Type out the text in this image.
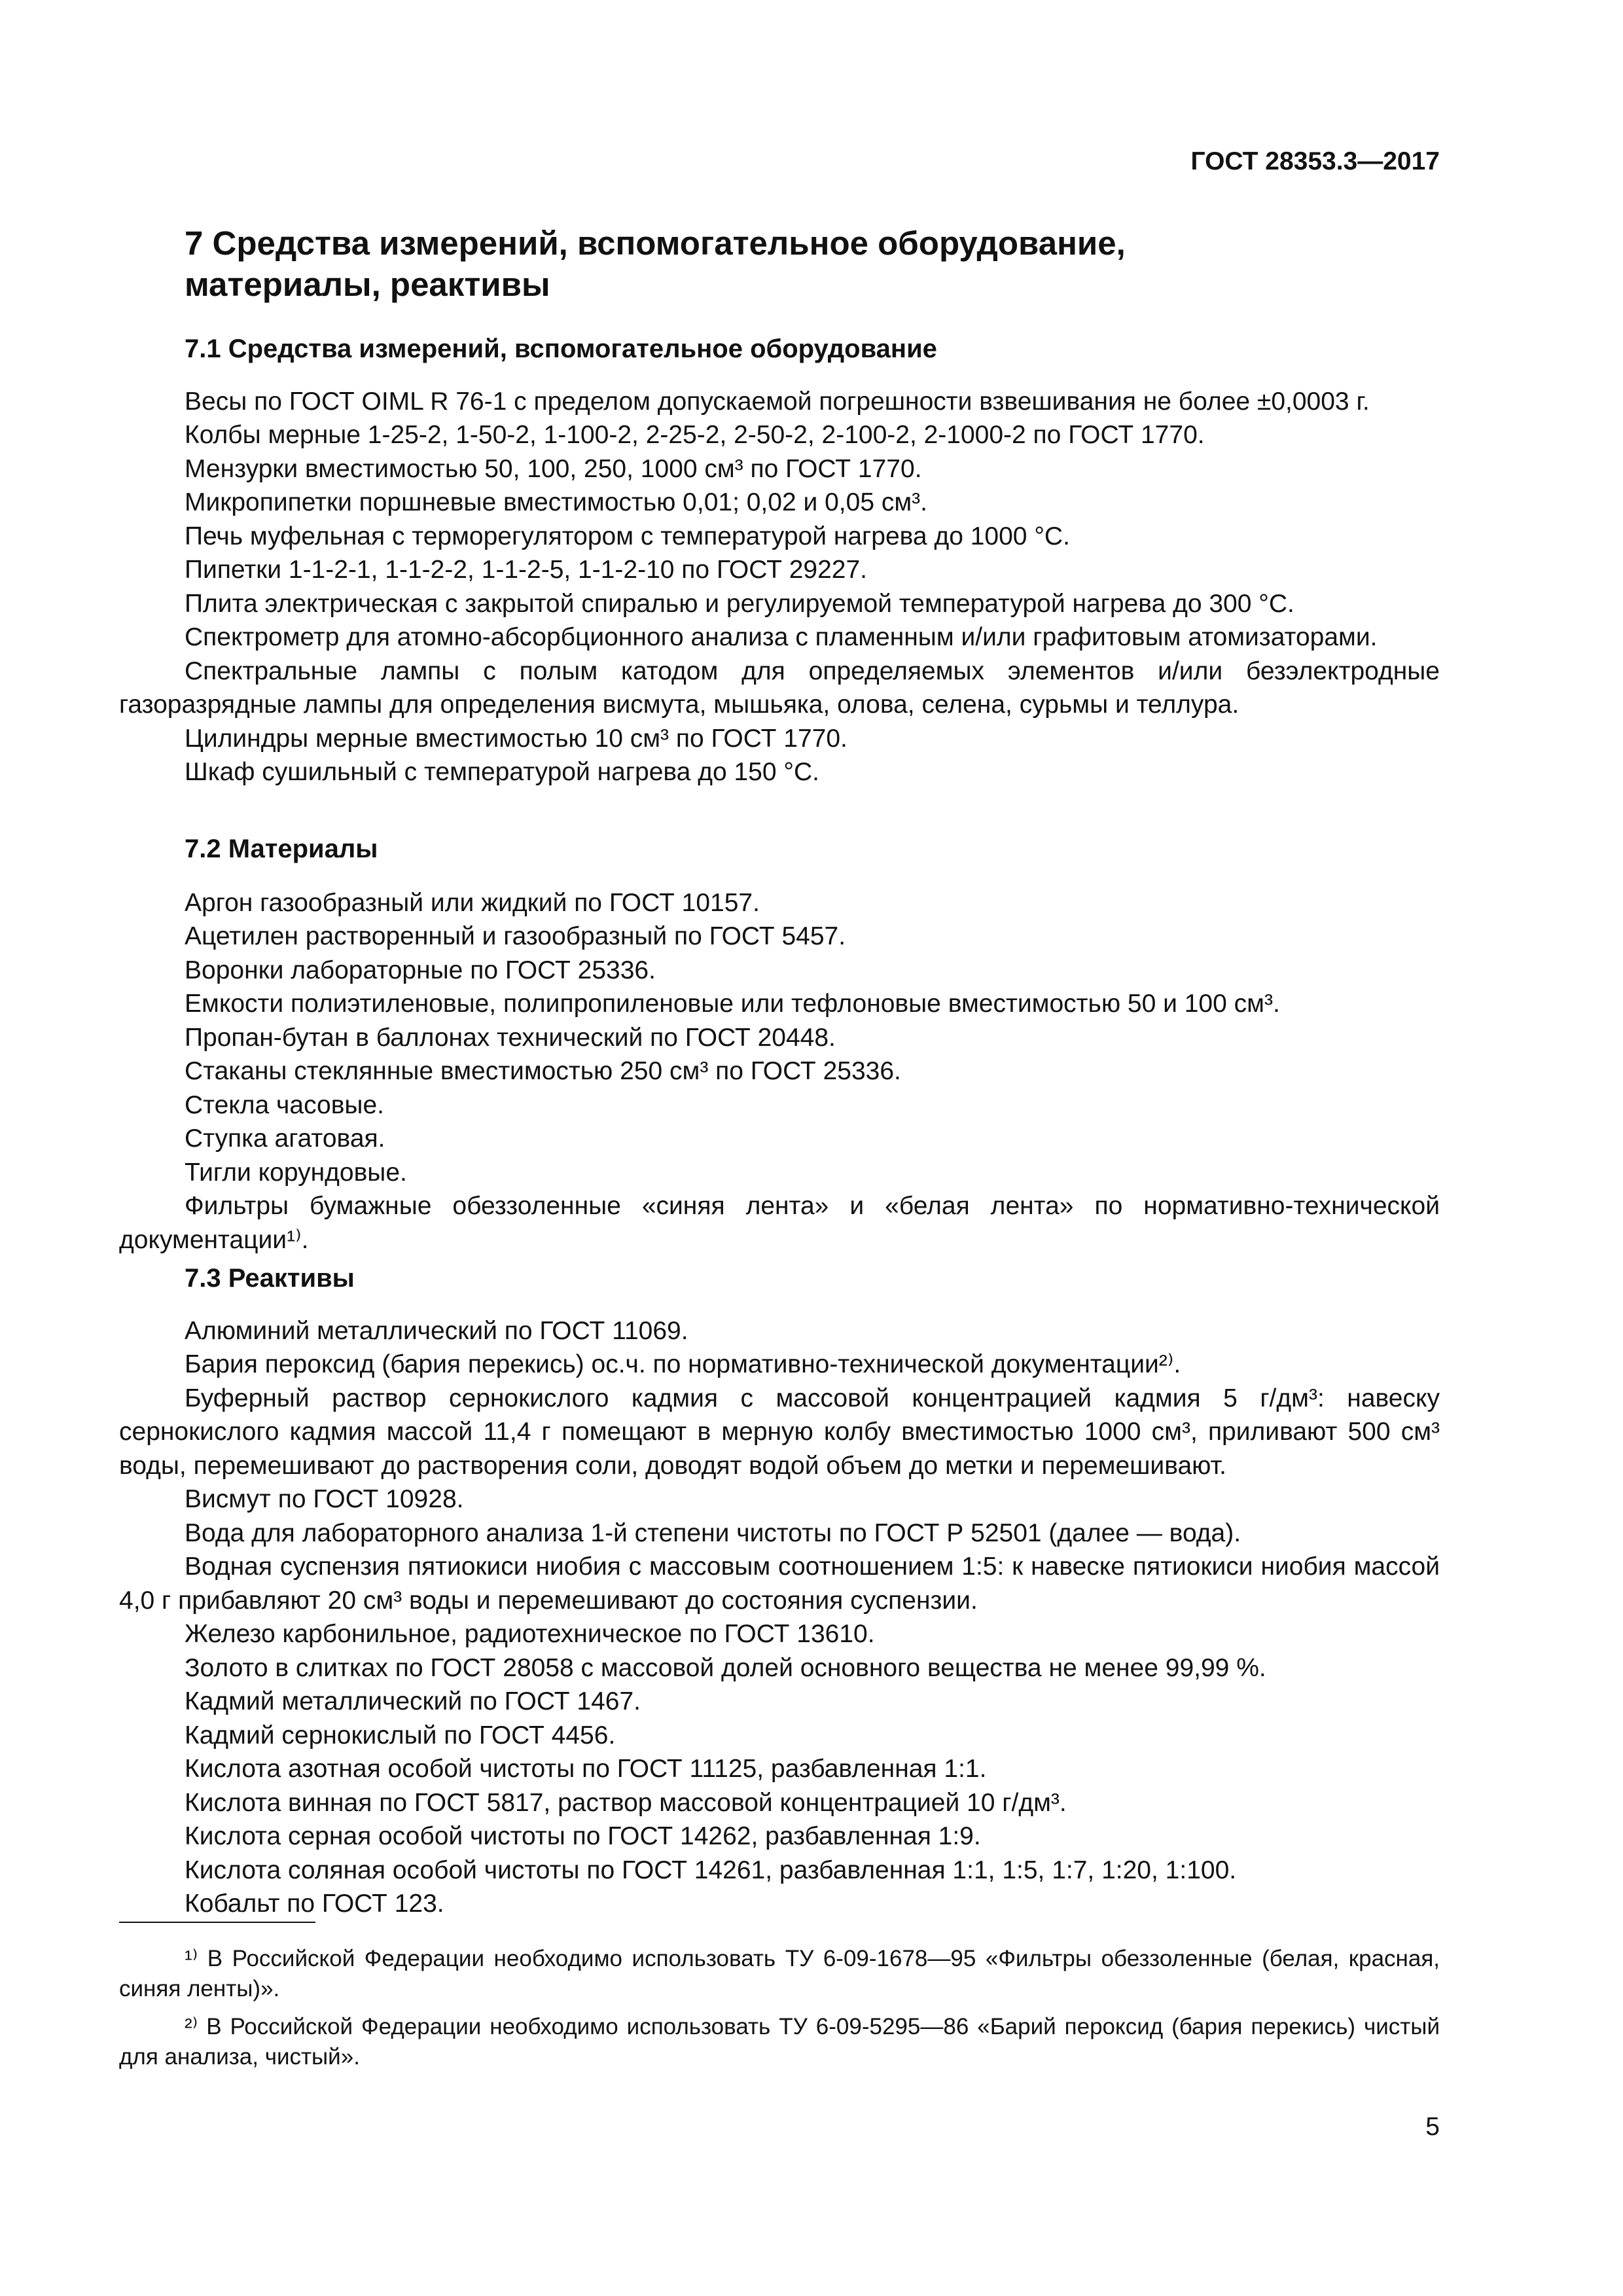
ГОСТ 28353.3—2017
7 Средства измерений, вспомогательное оборудование, материалы, реактивы
7.1 Средства измерений, вспомогательное оборудование

Весы по ГОСТ OIML R 76-1 с пределом допускаемой погрешности взвешивания не более ±0,0003 г.

Колбы мерные 1-25-2, 1-50-2, 1-100-2, 2-25-2, 2-50-2, 2-100-2, 2-1000-2 по ГОСТ 1770.

Мензурки вместимостью 50, 100, 250, 1000 см³ по ГОСТ 1770.

Микропипетки поршневые вместимостью 0,01; 0,02 и 0,05 см³.

Печь муфельная с терморегулятором с температурой нагрева до 1000 °С.

Пипетки 1-1-2-1, 1-1-2-2, 1-1-2-5, 1-1-2-10 по ГОСТ 29227.

Плита электрическая с закрытой спиралью и регулируемой температурой нагрева до 300 °С.

Спектрометр для атомно-абсорбционного анализа с пламенным и/или графитовым атомизаторами.

Спектральные лампы с полым катодом для определяемых элементов и/или безэлектродные газоразрядные лампы для определения висмута, мышьяка, олова, селена, сурьмы и теллура.

Цилиндры мерные вместимостью 10 см³ по ГОСТ 1770.

Шкаф сушильный с температурой нагрева до 150 °С.

7.2 Материалы

Аргон газообразный или жидкий по ГОСТ 10157.

Ацетилен растворенный и газообразный по ГОСТ 5457.

Воронки лабораторные по ГОСТ 25336.

Емкости полиэтиленовые, полипропиленовые или тефлоновые вместимостью 50 и 100 см³.

Пропан-бутан в баллонах технический по ГОСТ 20448.

Стаканы стеклянные вместимостью 250 см³ по ГОСТ 25336.

Стекла часовые.

Ступка агатовая.

Тигли корундовые.

Фильтры бумажные обеззоленные «синяя лента» и «белая лента» по нормативно-технической документации¹⁾.

7.3 Реактивы

Алюминий металлический по ГОСТ 11069.

Бария пероксид (бария перекись) ос.ч. по нормативно-технической документации²⁾.

Буферный раствор сернокислого кадмия с массовой концентрацией кадмия 5 г/дм³: навеску сернокислого кадмия массой 11,4 г помещают в мерную колбу вместимостью 1000 см³, приливают 500 см³ воды, перемешивают до растворения соли, доводят водой объем до метки и перемешивают.

Висмут по ГОСТ 10928.

Вода для лабораторного анализа 1-й степени чистоты по ГОСТ Р 52501 (далее — вода).

Водная суспензия пятиокиси ниобия с массовым соотношением 1:5: к навеске пятиокиси ниобия массой 4,0 г прибавляют 20 см³ воды и перемешивают до состояния суспензии.

Железо карбонильное, радиотехническое по ГОСТ 13610.

Золото в слитках по ГОСТ 28058 с массовой долей основного вещества не менее 99,99 %.

Кадмий металлический по ГОСТ 1467.

Кадмий сернокислый по ГОСТ 4456.

Кислота азотная особой чистоты по ГОСТ 11125, разбавленная 1:1.

Кислота винная по ГОСТ 5817, раствор массовой концентрацией 10 г/дм³.

Кислота серная особой чистоты по ГОСТ 14262, разбавленная 1:9.

Кислота соляная особой чистоты по ГОСТ 14261, разбавленная 1:1, 1:5, 1:7, 1:20, 1:100.

Кобальт по ГОСТ 123.

¹⁾ В Российской Федерации необходимо использовать ТУ 6-09-1678—95 «Фильтры обеззоленные (белая, красная, синяя ленты)».

²⁾ В Российской Федерации необходимо использовать ТУ 6-09-5295—86 «Барий пероксид (бария перекись) чистый для анализа, чистый».

5
